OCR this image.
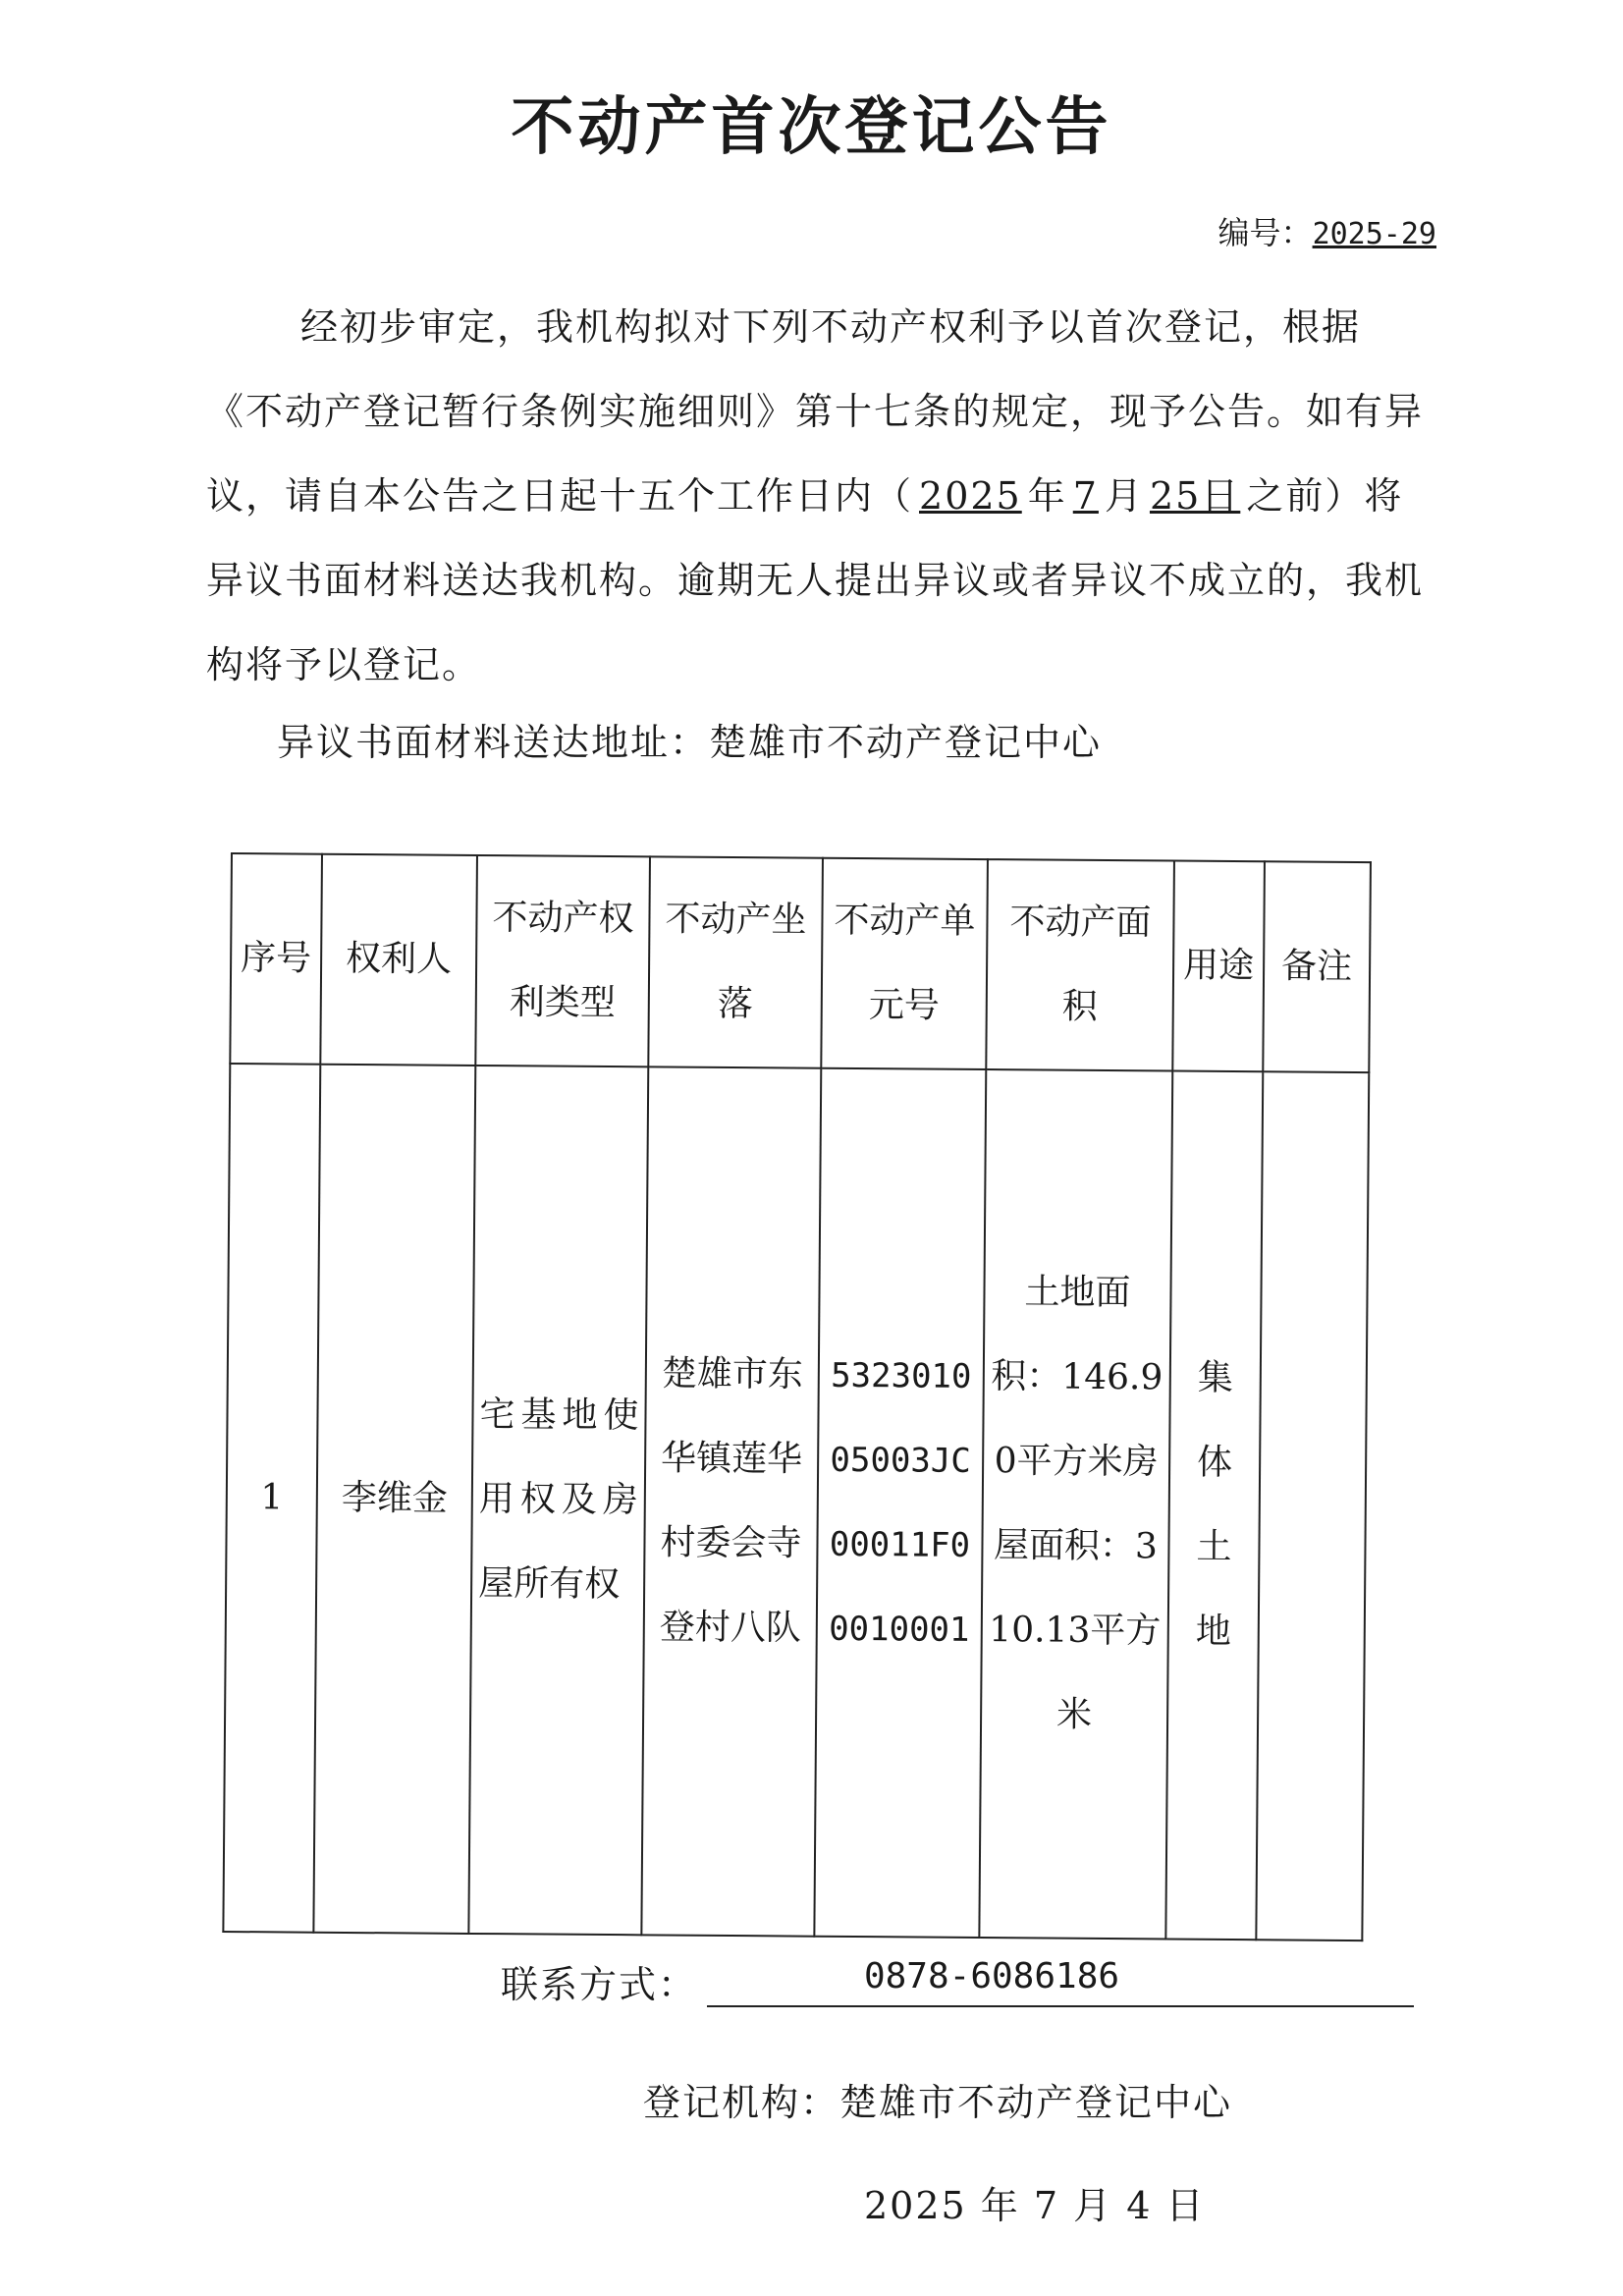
不动产首次登记公告
编号：2025-29
经初步审定，我机构拟对下列不动产权利予以首次登记，根据《不动产登记暂行条例实施细则》第十七条的规定，现予公告。如有异议，请自本公告之日起十五个工作日内（ 2025 年 7 月 25日 之前）将异议书面材料送达我机构。逾期无人提出异议或者异议不成立的，我机构将予以登记。
异议书面材料送达地址：楚雄市不动产登记中心
序号	权利人	不动产权利类型	不动产坐落	不动产单元号	不动产面积	用途	备注
1	李维金	宅基地使用权及房屋所有权	楚雄市东华镇莲华村委会寺登村八队	532301005003JC00011F00010001	土地面积：146.90平方米房屋面积：310.13平方米	集体土地	
联系方式：	0878-6086186
登记机构：楚雄市不动产登记中心
2025 年 7 月 4 日
